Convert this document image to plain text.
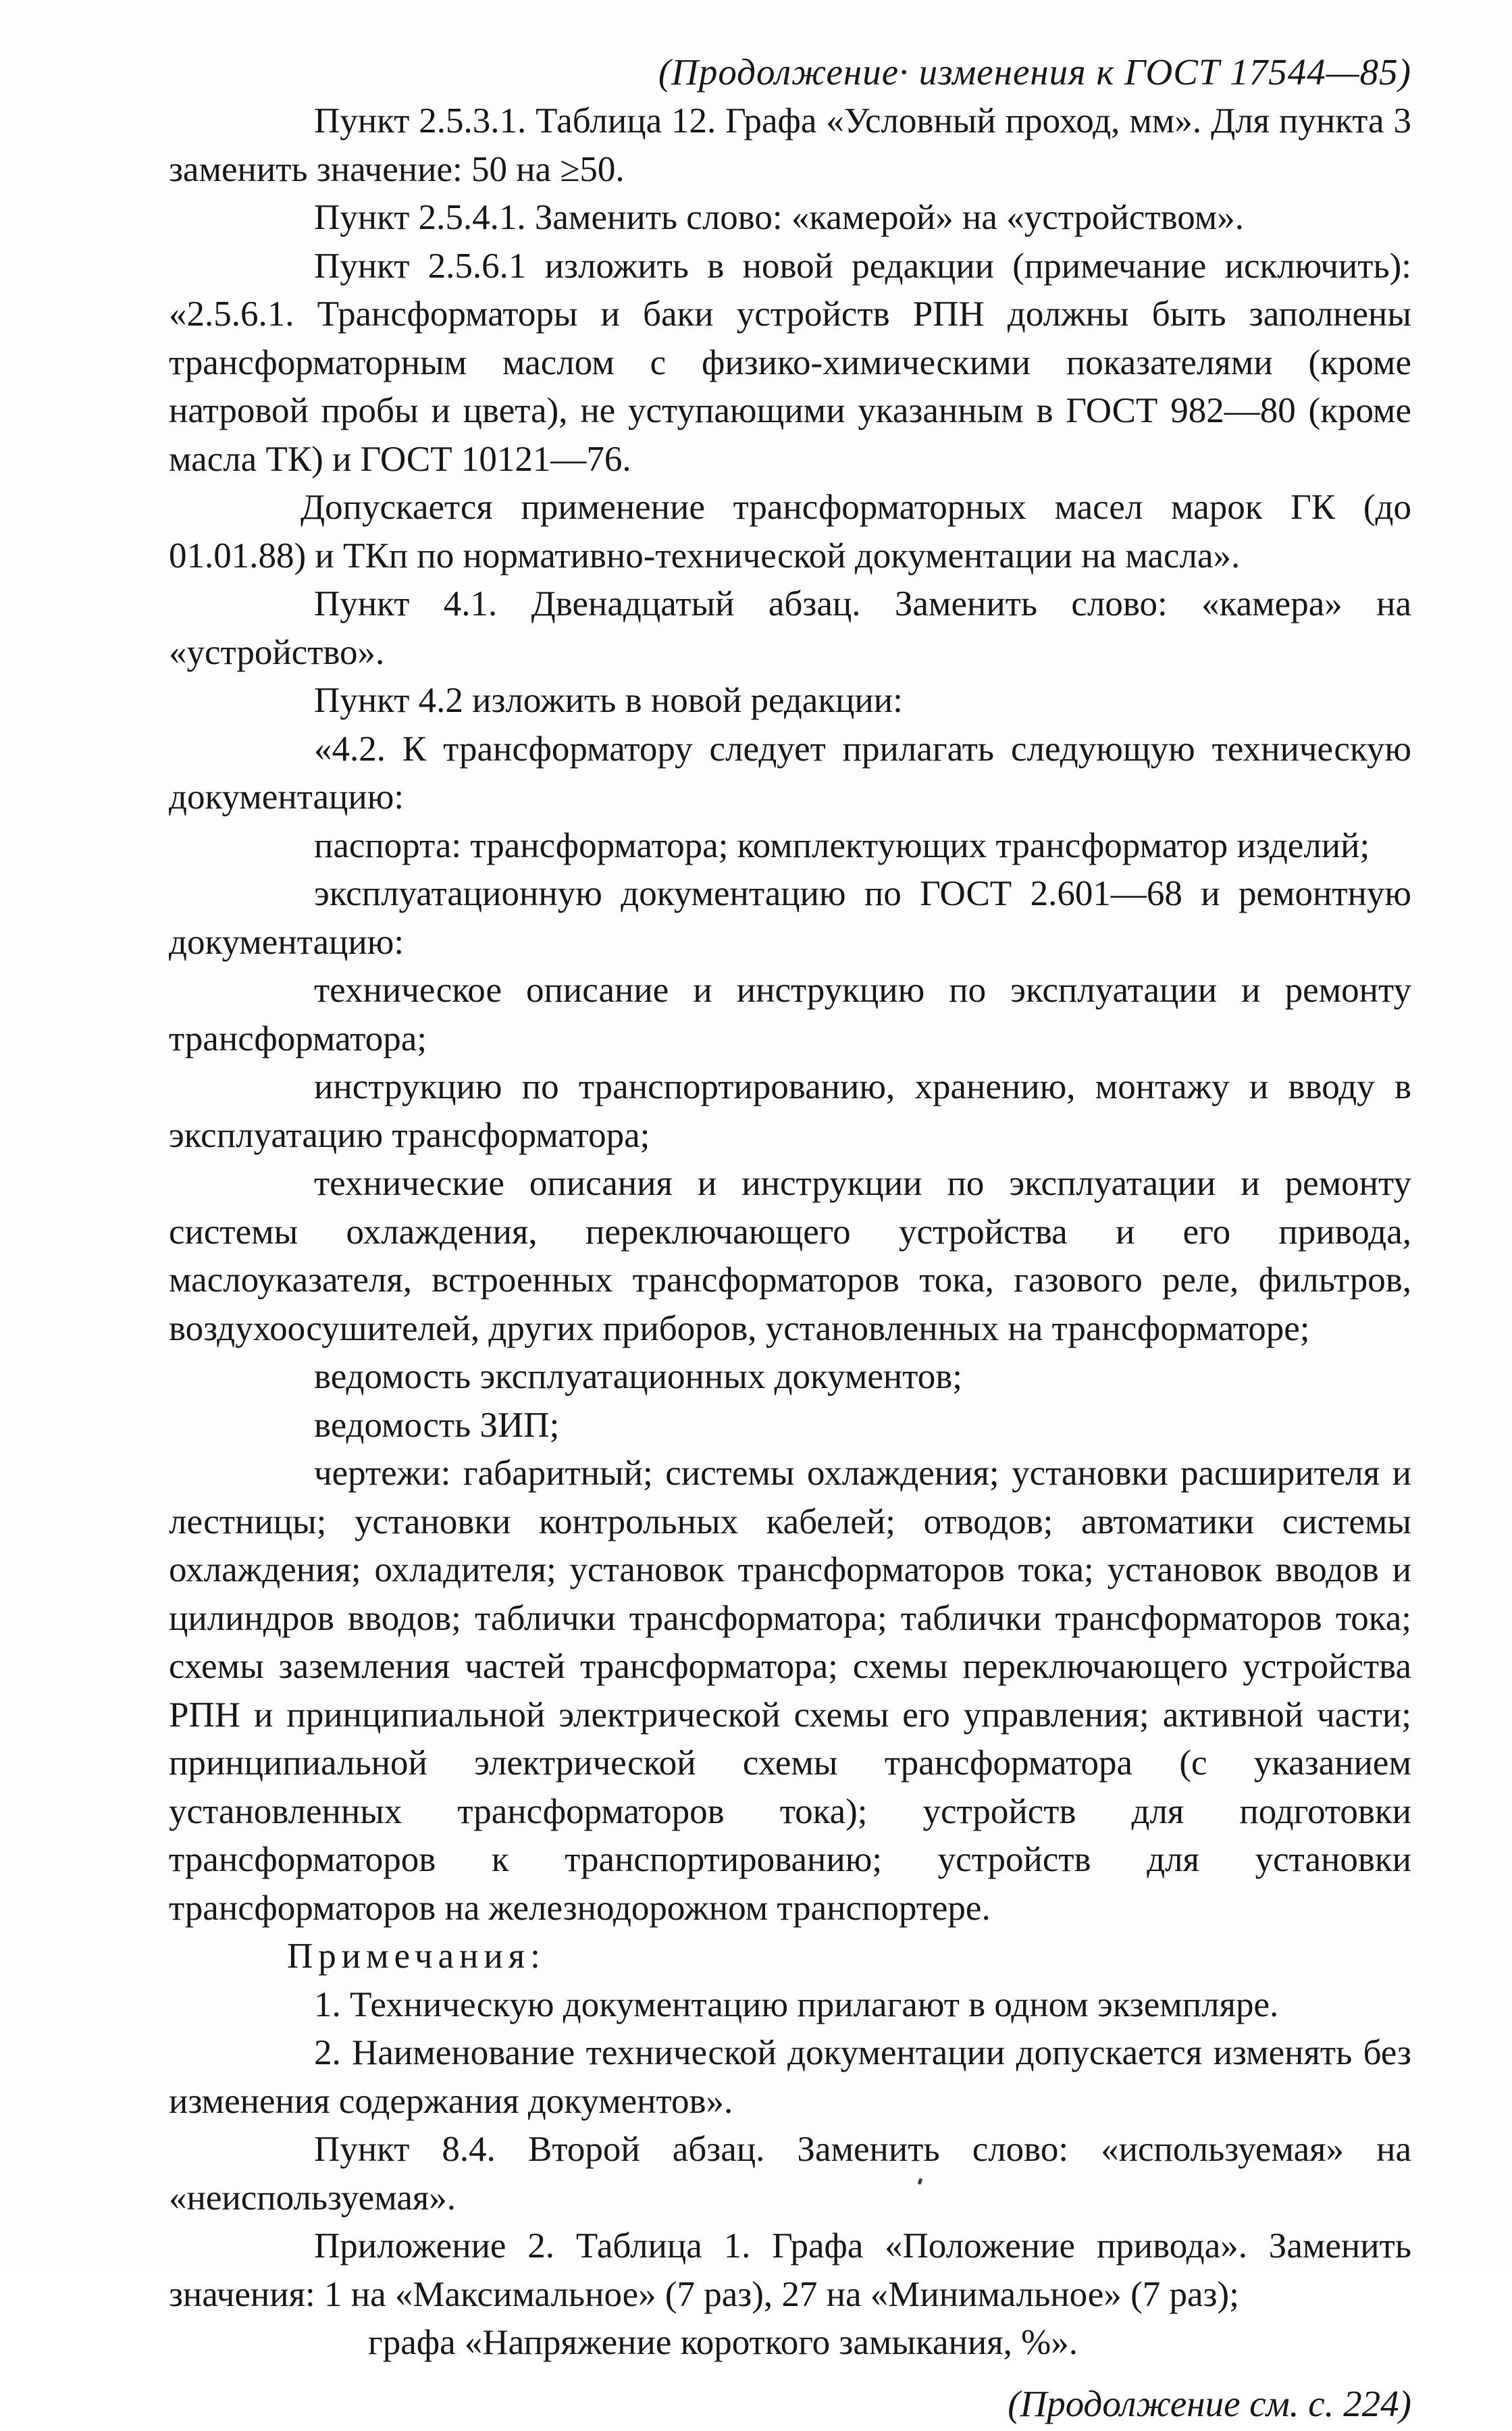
(Продолжение· изменения к ГОСТ 17544—85)

Пункт 2.5.3.1. Таблица 12. Графа «Условный проход, мм». Для пункта 3 заменить значение: 50 на ≥50.

Пункт 2.5.4.1. Заменить слово: «камерой» на «устройством».

Пункт 2.5.6.1 изложить в новой редакции (примечание исключить): «2.5.6.1. Трансформаторы и баки устройств РПН должны быть заполнены трансформаторным маслом с физико-химическими показателями (кроме натровой пробы и цвета), не уступающими указанным в ГОСТ 982—80 (кроме масла ТК) и ГОСТ 10121—76.

Допускается применение трансформаторных масел марок ГК (до 01.01.88) и ТКп по нормативно-технической документации на масла».

Пункт 4.1. Двенадцатый абзац. Заменить слово: «камера» на «устройство».

Пункт 4.2 изложить в новой редакции:

«4.2. К трансформатору следует прилагать следующую техническую документацию:

паспорта: трансформатора; комплектующих трансформатор изделий;

эксплуатационную документацию по ГОСТ 2.601—68 и ремонтную документацию:

техническое описание и инструкцию по эксплуатации и ремонту трансформатора;

инструкцию по транспортированию, хранению, монтажу и вводу в эксплуатацию трансформатора;

технические описания и инструкции по эксплуатации и ремонту системы охлаждения, переключающего устройства и его привода, маслоуказателя, встроенных трансформаторов тока, газового реле, фильтров, воздухоосушителей, других приборов, установленных на трансформаторе;

ведомость эксплуатационных документов;

ведомость ЗИП;

чертежи: габаритный; системы охлаждения; установки расширителя и лестницы; установки контрольных кабелей; отводов; автоматики системы охлаждения; охладителя; установок трансформаторов тока; установок вводов и цилиндров вводов; таблички трансформатора; таблички трансформаторов тока; схемы заземления частей трансформатора; схемы переключающего устройства РПН и принципиальной электрической схемы его управления; активной части; принципиальной электрической схемы трансформатора (с указанием установленных трансформаторов тока); устройств для подготовки трансформаторов к транспортированию; устройств для установки трансформаторов на железнодорожном транспортере.

Примечания:

1. Техническую документацию прилагают в одном экземпляре.

2. Наименование технической документации допускается изменять без изменения содержания документов».

Пункт 8.4. Второй абзац. Заменить слово: «используемая» на «неиспользуемая».

Приложение 2. Таблица 1. Графа «Положение привода». Заменить значения: 1 на «Максимальное» (7 раз), 27 на «Минимальное» (7 раз);

графа «Напряжение короткого замыкания, %».

(Продолжение см. с. 224)
